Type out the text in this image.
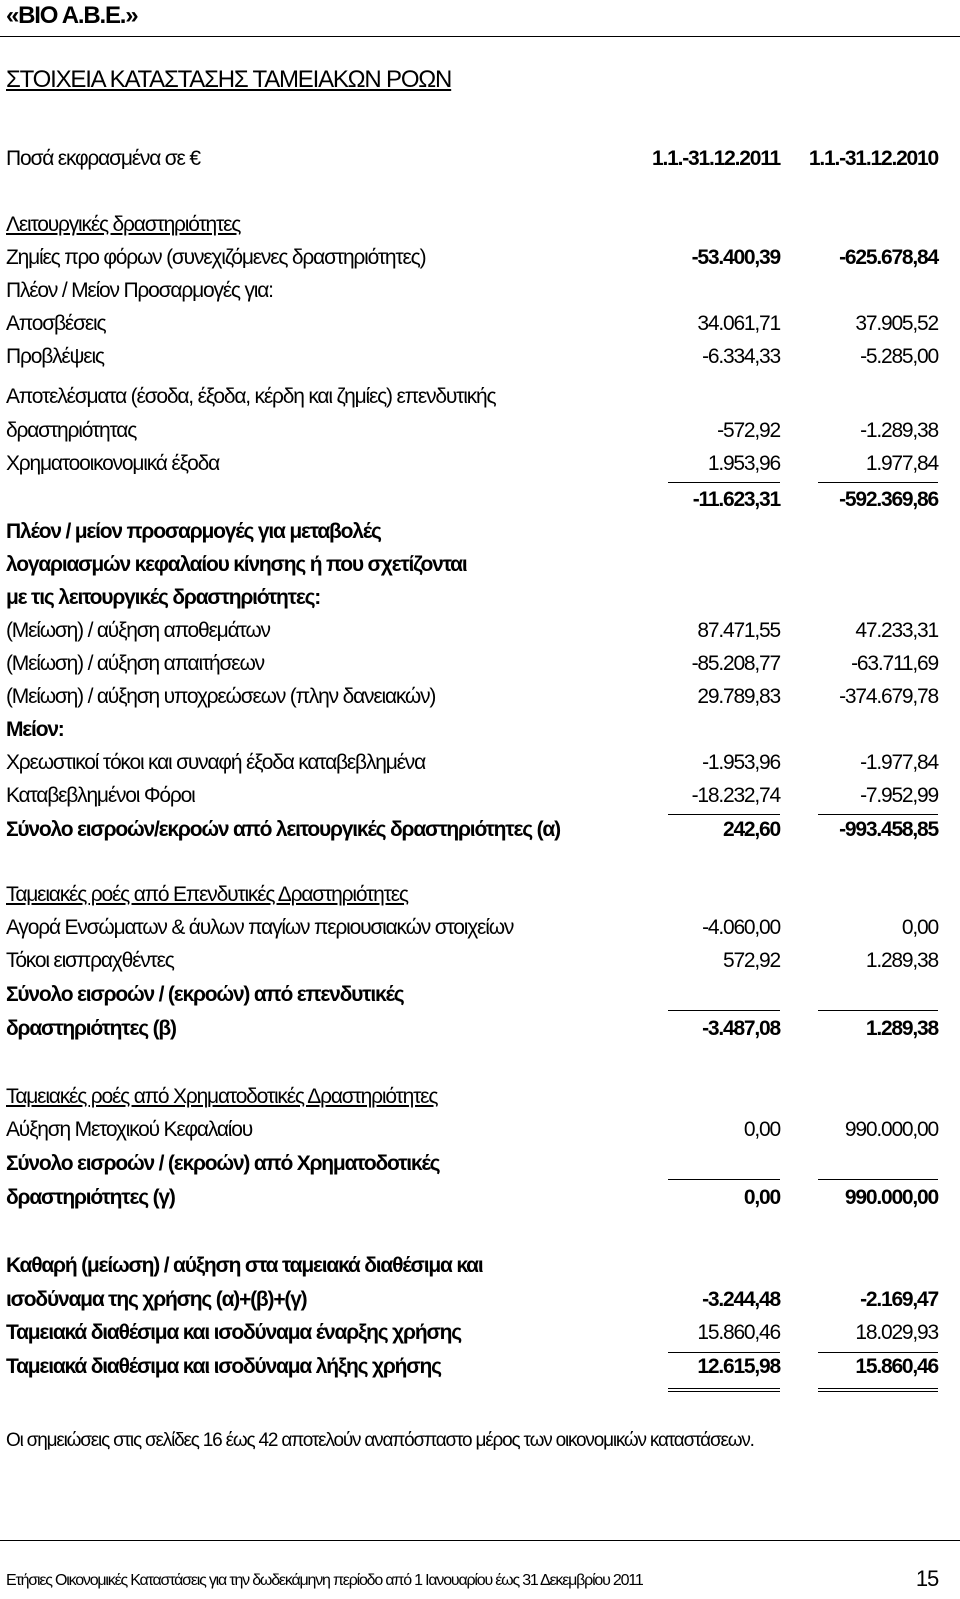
«ΒΙΟ Α.Β.Ε.»
ΣΤΟΙΧΕΙΑ ΚΑΤΑΣΤΑΣΗΣ ΤΑΜΕΙΑΚΩΝ ΡΟΩΝ
Ποσά εκφρασμένα σε €	1.1.-31.12.2011 1.1.-31.12.2010
Λειτουργικές δραστηριότητες
Ζημίες προ φόρων (συνεχιζόμενες δραστηριότητες)	-53.400,39	-625.678,84
Πλέον / Μείον Προσαρμογές για:
Αποσβέσεις	34.061,71	37.905,52
Προβλέψεις	-6.334,33	-5.285,00
Αποτελέσματα (έσοδα, έξοδα, κέρδη και ζημίες) επενδυτικής
δραστηριότητας	-572,92	-1.289,38
Χρηματοοικονομικά έξοδα	1.953,96	1.977,84
-11.623,31	-592.369,86
Πλέον / μείον προσαρμογές για μεταβολές
λογαριασμών κεφαλαίου κίνησης ή που σχετίζονται
με τις λειτουργικές δραστηριότητες:
(Μείωση) / αύξηση αποθεμάτων	87.471,55	47.233,31
(Μείωση) / αύξηση απαιτήσεων	-85.208,77	-63.711,69
(Μείωση) / αύξηση υποχρεώσεων (πλην δανειακών)	29.789,83	-374.679,78
Μείον:
Χρεωστικοί τόκοι και συναφή έξοδα καταβεβλημένα	-1.953,96	-1.977,84
Καταβεβλημένοι Φόροι	-18.232,74	-7.952,99
Σύνολο εισροών/εκροών από λειτουργικές δραστηριότητες (α)	242,60	-993.458,85
Ταμειακές ροές από Επενδυτικές Δραστηριότητες
Αγορά Ενσώματων & άυλων παγίων περιουσιακών στοιχείων	-4.060,00	0,00
Τόκοι εισπραχθέντες	572,92	1.289,38
Σύνολο εισροών / (εκροών) από επενδυτικές
δραστηριότητες (β)	-3.487,08	1.289,38
Ταμειακές ροές από Χρηματοδοτικές Δραστηριότητες
Αύξηση Μετοχικού Κεφαλαίου	0,00	990.000,00
Σύνολο εισροών / (εκροών) από Χρηματοδοτικές
δραστηριότητες (γ)	0,00	990.000,00
Καθαρή (μείωση) / αύξηση στα ταμειακά διαθέσιμα και
ισοδύναμα της χρήσης (α)+(β)+(γ)	-3.244,48	-2.169,47
Ταμειακά διαθέσιμα και ισοδύναμα έναρξης χρήσης	15.860,46	18.029,93
Ταμειακά διαθέσιμα και ισοδύναμα λήξης χρήσης	12.615,98	15.860,46
Οι σημειώσεις στις σελίδες 16 έως 42 αποτελούν αναπόσπαστο μέρος των οικονομικών καταστάσεων.
Ετήσιες Οικονομικές Καταστάσεις για την δωδεκάμηνη περίοδο από 1 Ιανουαρίου έως 31 Δεκεμβρίου 2011	15
